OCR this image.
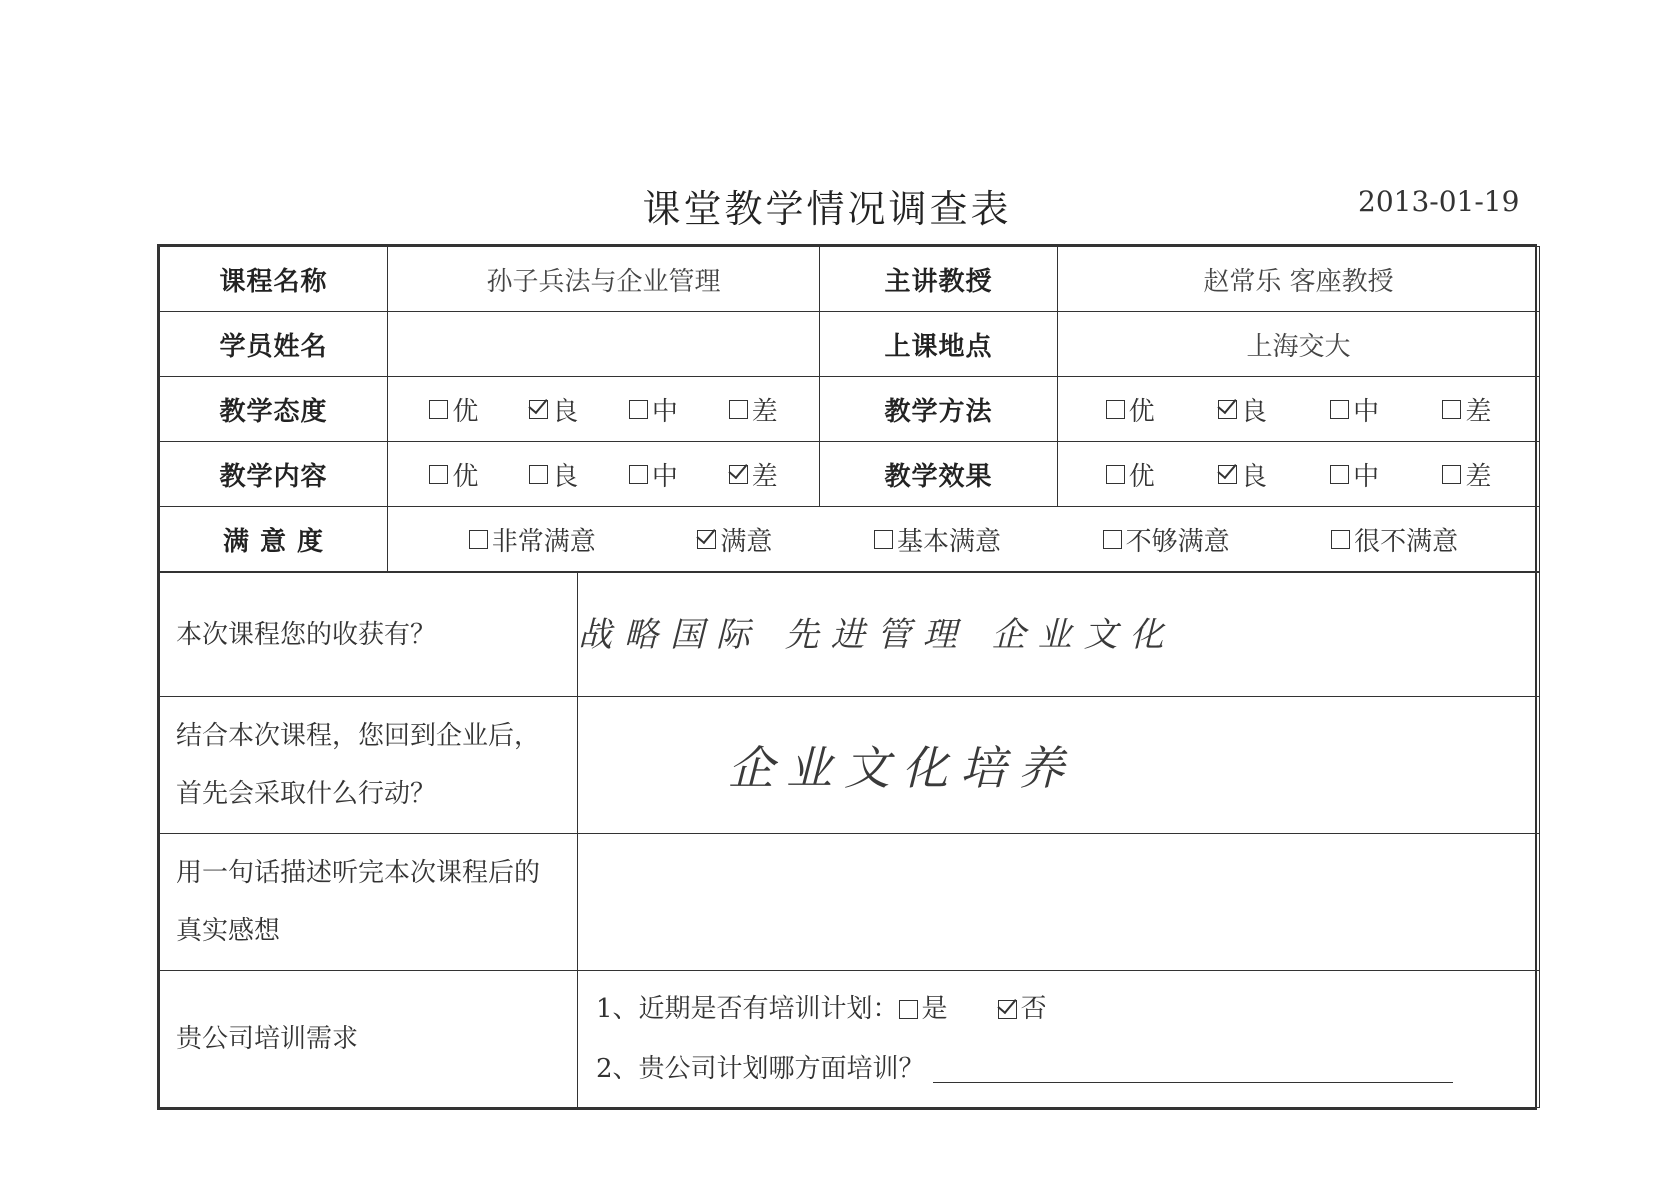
课堂教学情况调查表	2013-01-19
课程名称	孙子兵法与企业管理	主讲教授	赵常乐 客座教授
学员姓名		上课地点	上海交大
教学态度	优 良 中 差	教学方法	优 良 中 差

教学内容	优 良 中 差	教学效果	优 良 中 差

满 意 度	非常满意 满意 基本满意 不够满意 很不满意		
本次课程您的收获有？	战略国际 先进管理 企业文化
结合本次课程，您回到企业后，首先会采取什么行动？	企业文化培养
用一句话描述听完本次课程后的真实感想	
贵公司培训需求	1、近期是否有培训计划： 是 否
2、贵公司计划哪方面培训？
